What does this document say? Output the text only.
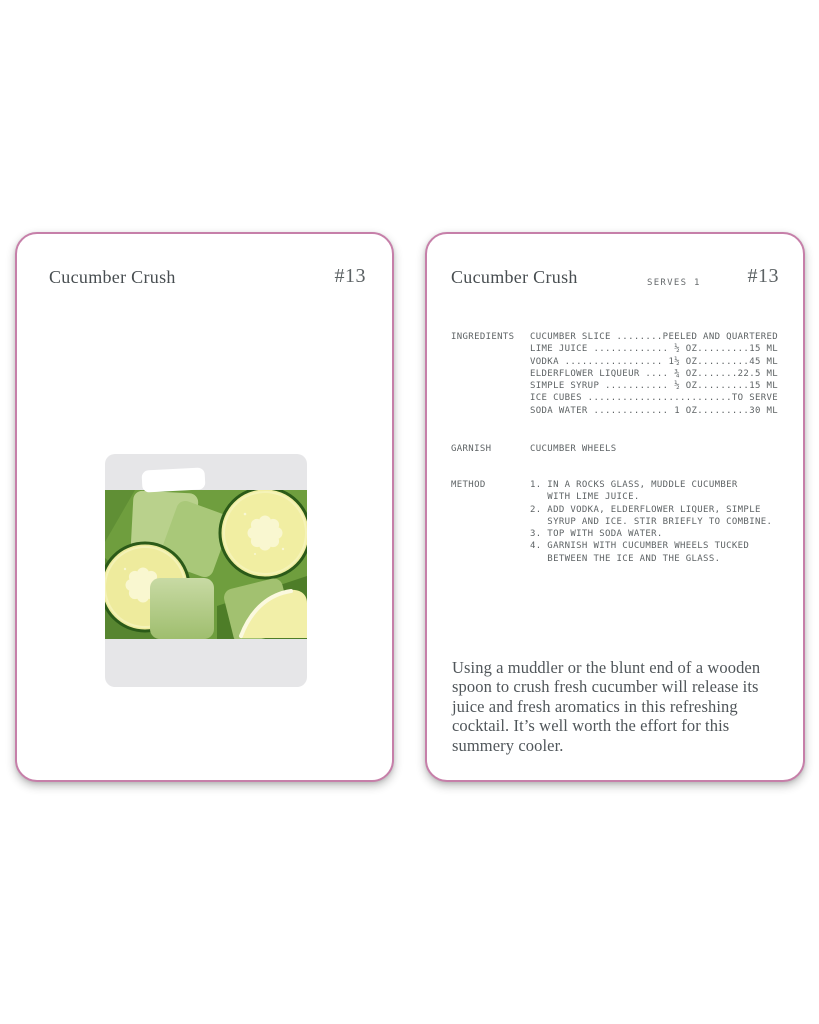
Cucumber Crush	#13	Cucumber Crush	SERVES 1 #13
INGREDIENTS CUCUMBER SLICE ........PEELED AND QUARTERED
LIME JUICE ............. ½ OZ.........15 ML
VODKA ................. 1½ OZ.........45 ML
ELDERFLOWER LIQUEUR .... ¾ OZ.......22.5 ML
SIMPLE SYRUP ........... ½ OZ.........15 ML
ICE CUBES .........................TO SERVE
SODA WATER ............. 1 OZ.........30 ML
GARNISH	CUCUMBER WHEELS
METHOD	1. IN A ROCKS GLASS, MUDDLE CUCUMBER
WITH LIME JUICE.
2. ADD VODKA, ELDERFLOWER LIQUER, SIMPLE
SYRUP AND ICE. STIR BRIEFLY TO COMBINE.
3. TOP WITH SODA WATER.
4. GARNISH WITH CUCUMBER WHEELS TUCKED
BETWEEN THE ICE AND THE GLASS.
Using a muddler or the blunt end of a wooden
spoon to crush fresh cucumber will release its
juice and fresh aromatics in this refreshing
cocktail. It’s well worth the effort for this
summery cooler.
